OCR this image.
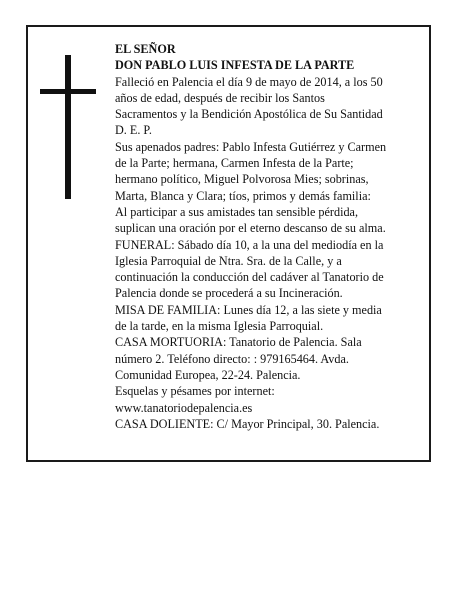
EL SEÑOR

DON PABLO LUIS INFESTA DE LA PARTE

Falleció en Palencia el día 9 de mayo de 2014, a los 50

años de edad, después de recibir los Santos

Sacramentos y la Bendición Apostólica de Su Santidad

D. E. P.

Sus apenados padres: Pablo Infesta Gutiérrez y Carmen

de la Parte; hermana, Carmen Infesta de la Parte;

hermano político, Miguel Polvorosa Mies; sobrinas,

Marta, Blanca y Clara; tíos, primos y demás familia:

Al participar a sus amistades tan sensible pérdida,

suplican una oración por el eterno descanso de su alma.

FUNERAL: Sábado día 10, a la una del mediodía en la

Iglesia Parroquial de Ntra. Sra. de la Calle, y a

continuación la conducción del cadáver al Tanatorio de

Palencia donde se procederá a su Incineración.

MISA DE FAMILIA: Lunes día 12, a las siete y media

de la tarde, en la misma Iglesia Parroquial.

CASA MORTUORIA: Tanatorio de Palencia. Sala

número 2. Teléfono directo: : 979165464. Avda.

Comunidad Europea, 22-24. Palencia.

Esquelas y pésames por internet:

www.tanatoriodepalencia.es

CASA DOLIENTE: C/ Mayor Principal, 30. Palencia.
